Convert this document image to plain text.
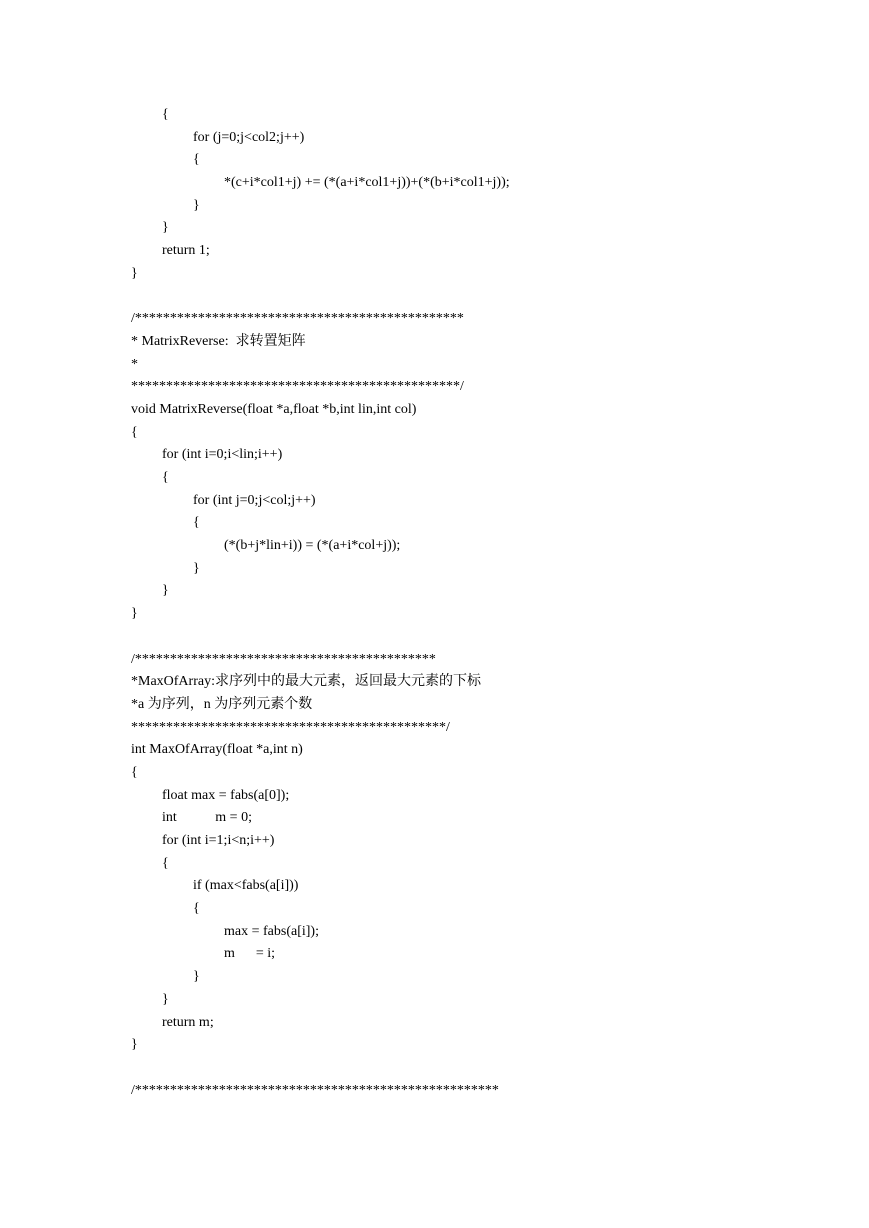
{
for (j=0;j<col2;j++)
{
*(c+i*col1+j) += (*(a+i*col1+j))+(*(b+i*col1+j));
}
}
return 1;
}
/***********************************************
* MatrixReverse:  求转置矩阵
*
***********************************************/
void MatrixReverse(float *a,float *b,int lin,int col)
{
for (int i=0;i<lin;i++)
{
for (int j=0;j<col;j++)
{
(*(b+j*lin+i)) = (*(a+i*col+j));
}
}
}
/*******************************************
*MaxOfArray:求序列中的最大元素，返回最大元素的下标
*a 为序列，n 为序列元素个数
*********************************************/
int MaxOfArray(float *a,int n)
{
float max = fabs(a[0]);
int           m = 0;
for (int i=1;i<n;i++)
{
if (max<fabs(a[i]))
{
max = fabs(a[i]);
m      = i;
}
}
return m;
}
/****************************************************
